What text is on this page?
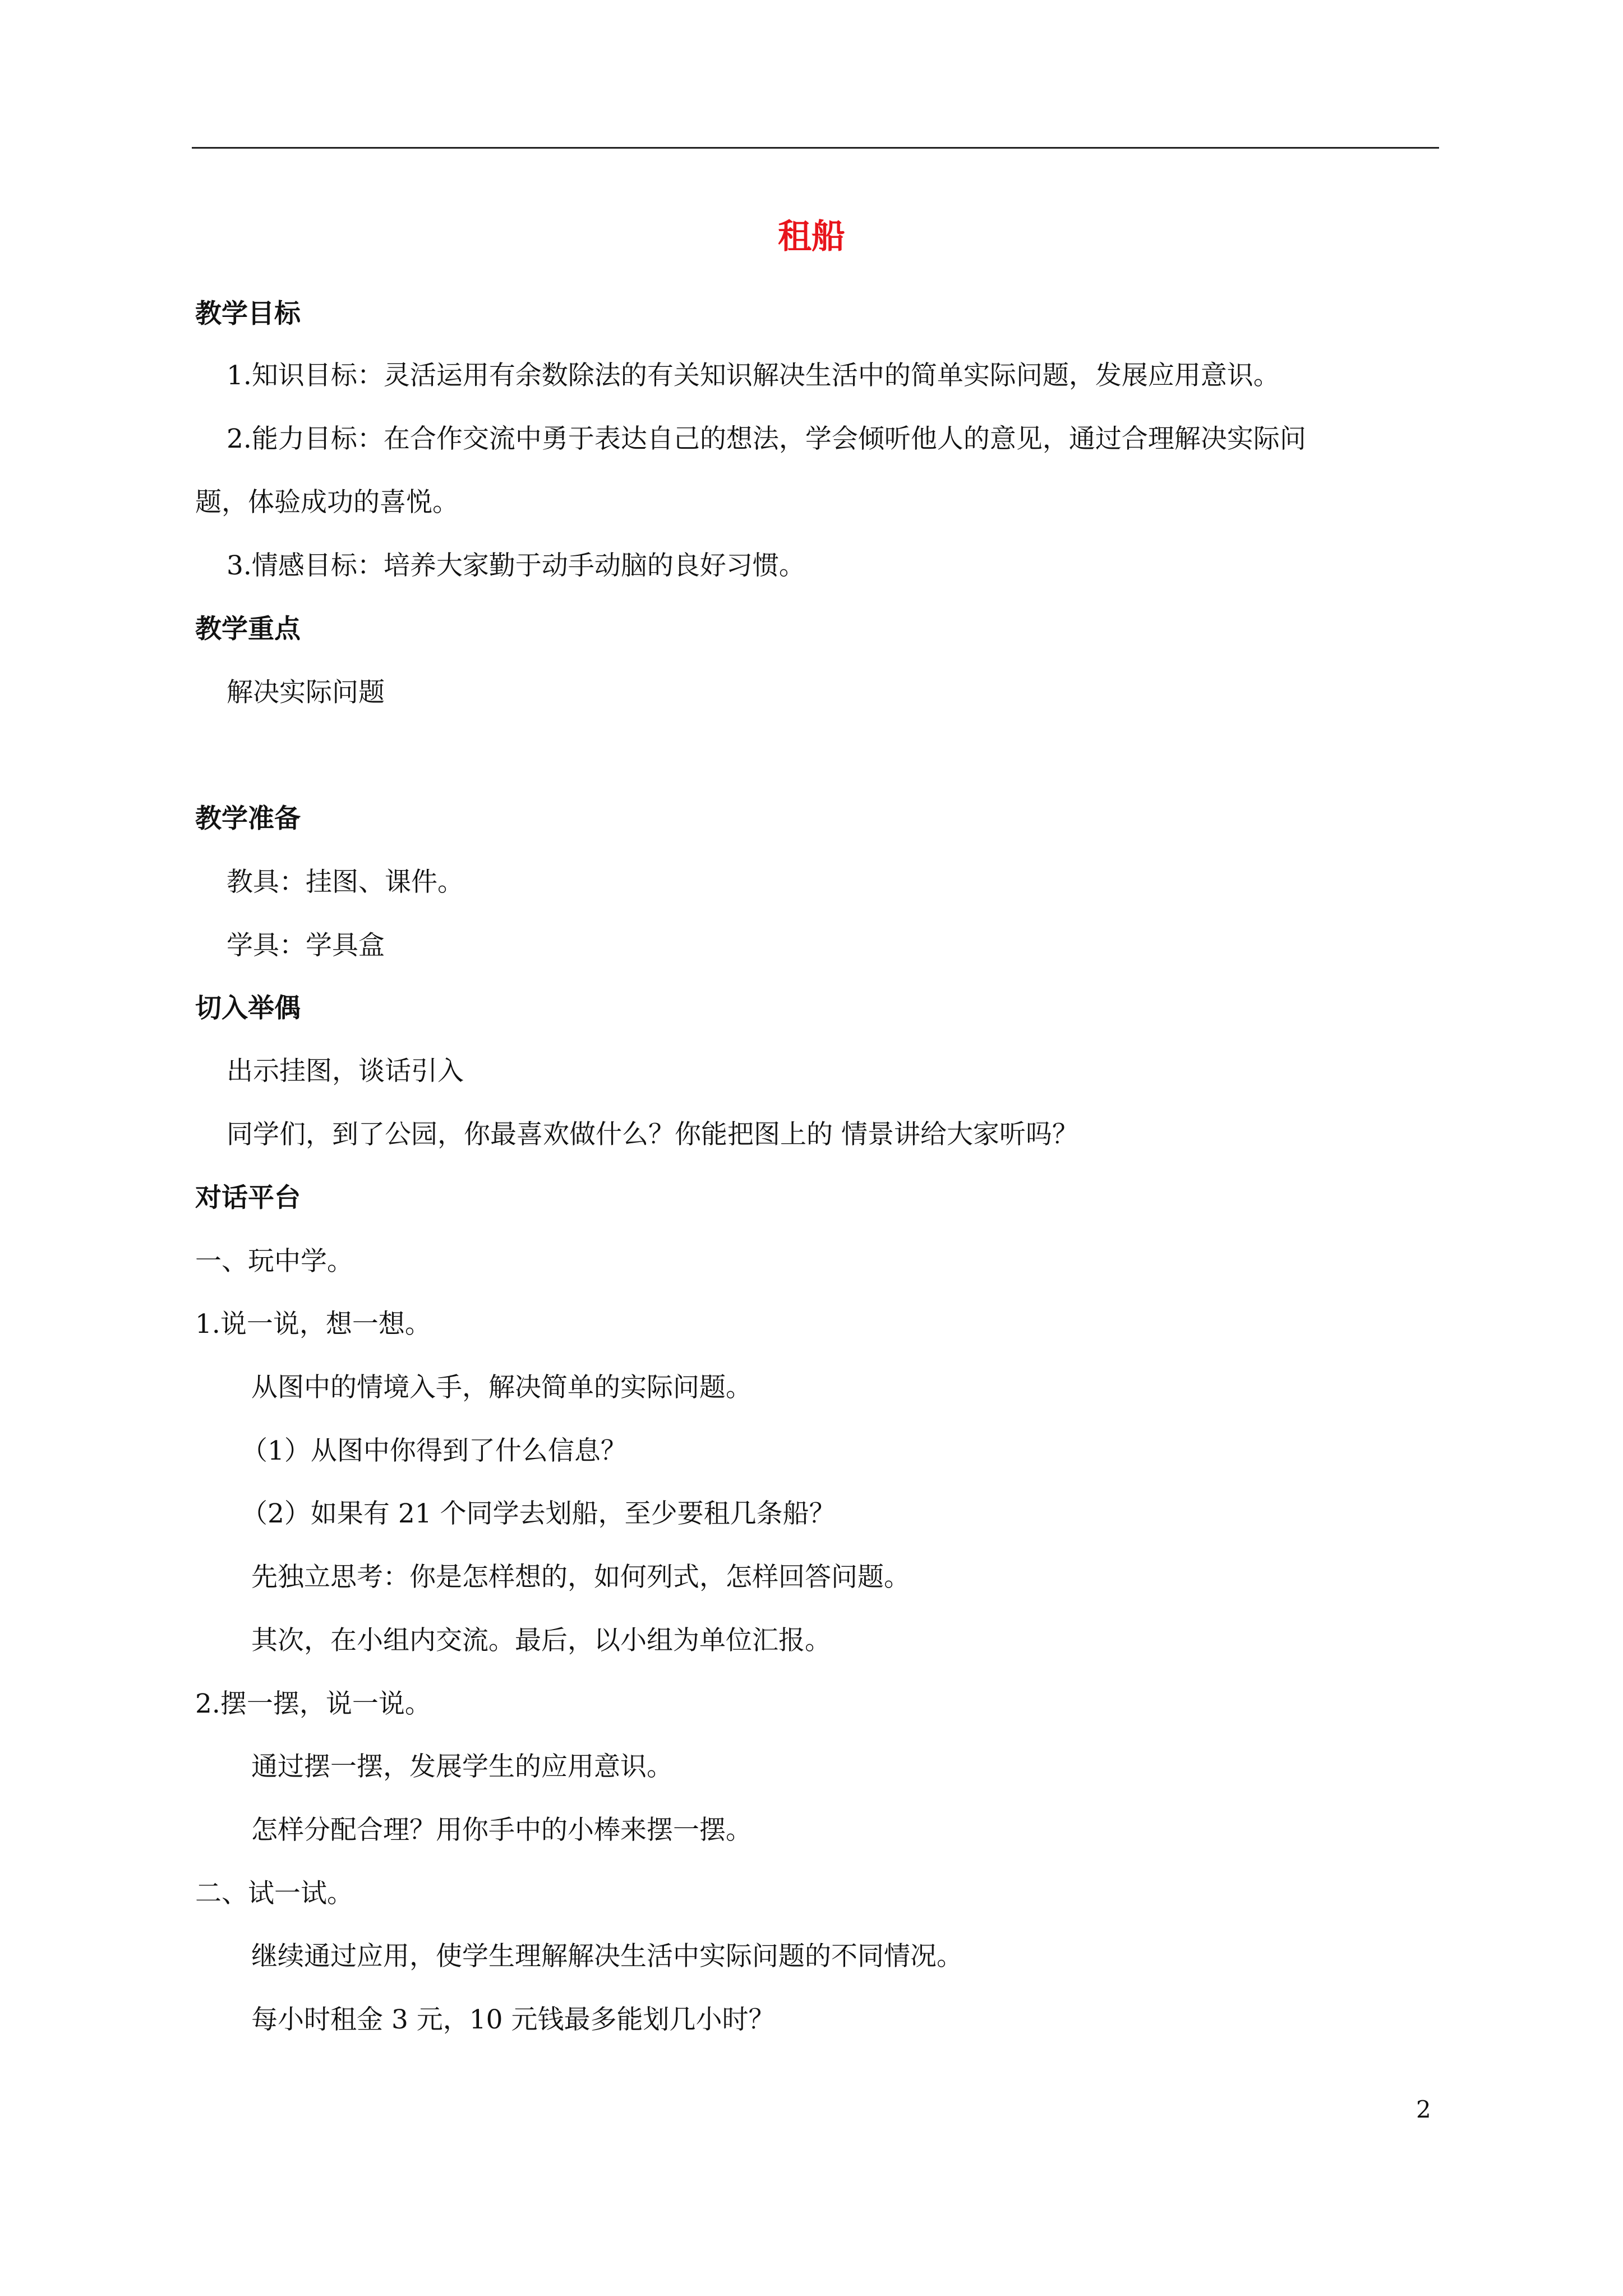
租船
教学目标
1.知识目标：灵活运用有余数除法的有关知识解决生活中的简单实际问题，发展应用意识。
2.能力目标：在合作交流中勇于表达自己的想法，学会倾听他人的意见，通过合理解决实际问
题，体验成功的喜悦。
3.情感目标：培养大家勤于动手动脑的良好习惯。
教学重点
解决实际问题
教学准备
教具：挂图、课件。
学具：学具盒
切入举偶
出示挂图，谈话引入
同学们，到了公园，你最喜欢做什么？你能把图上的 情景讲给大家听吗？
对话平台
一、玩中学。
1.说一说，想一想。
从图中的情境入手，解决简单的实际问题。
（1）从图中你得到了什么信息？
（2）如果有 21 个同学去划船，至少要租几条船？
先独立思考：你是怎样想的，如何列式，怎样回答问题。
其次，在小组内交流。最后，以小组为单位汇报。
2.摆一摆，说一说。
通过摆一摆，发展学生的应用意识。
怎样分配合理？用你手中的小棒来摆一摆。
二、试一试。
继续通过应用，使学生理解解决生活中实际问题的不同情况。
每小时租金 3 元，10 元钱最多能划几小时？
2
